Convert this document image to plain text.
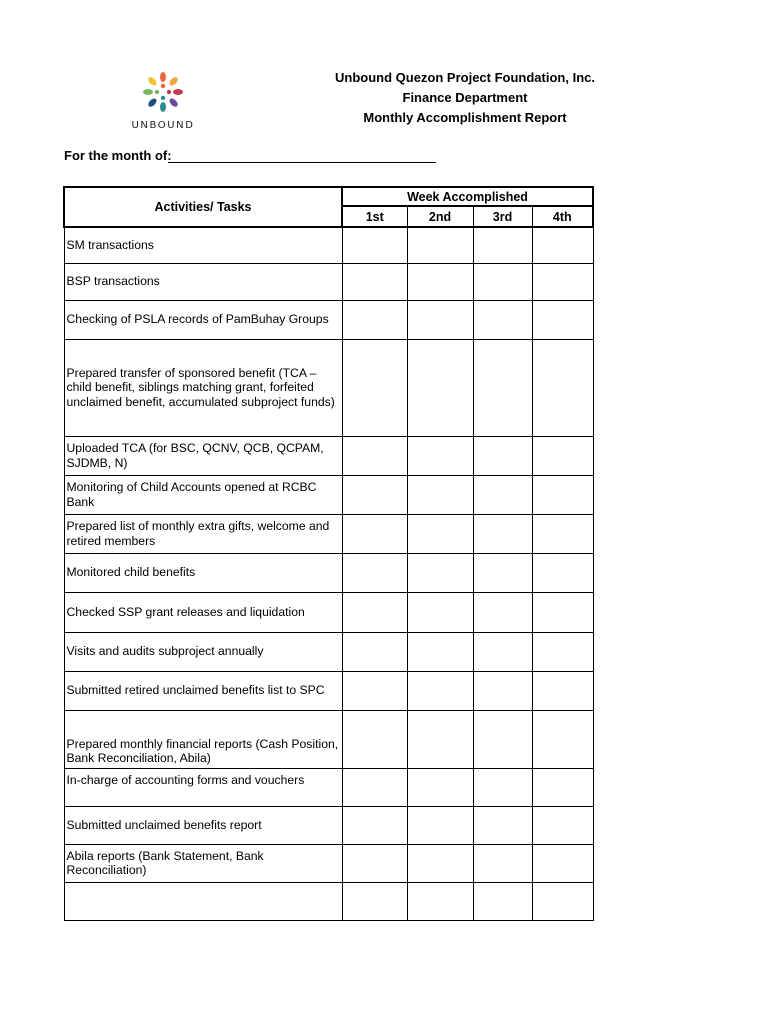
UNBOUND
Unbound Quezon Project Foundation, Inc.
Finance Department
Monthly Accomplishment Report
For the month of:
Activities/ Tasks	Week Accomplished			
	1st	2nd	3rd	4th
SM transactions				
BSP transactions				
Checking of PSLA records of PamBuhay Groups				
Prepared transfer of sponsored benefit (TCA – child benefit, siblings matching grant, forfeited unclaimed benefit, accumulated subproject funds)				
Uploaded TCA (for BSC, QCNV, QCB, QCPAM, SJDMB, N)				
Monitoring of Child Accounts opened at RCBC Bank				
Prepared list of monthly extra gifts, welcome and retired members				
Monitored child benefits				
Checked SSP grant releases and liquidation				
Visits and audits subproject annually				
Submitted retired unclaimed benefits list to SPC				
Prepared monthly financial reports (Cash Position, Bank Reconciliation, Abila)				
In-charge of accounting forms and vouchers				
Submitted unclaimed benefits report				
Abila reports (Bank Statement, Bank Reconciliation)				
